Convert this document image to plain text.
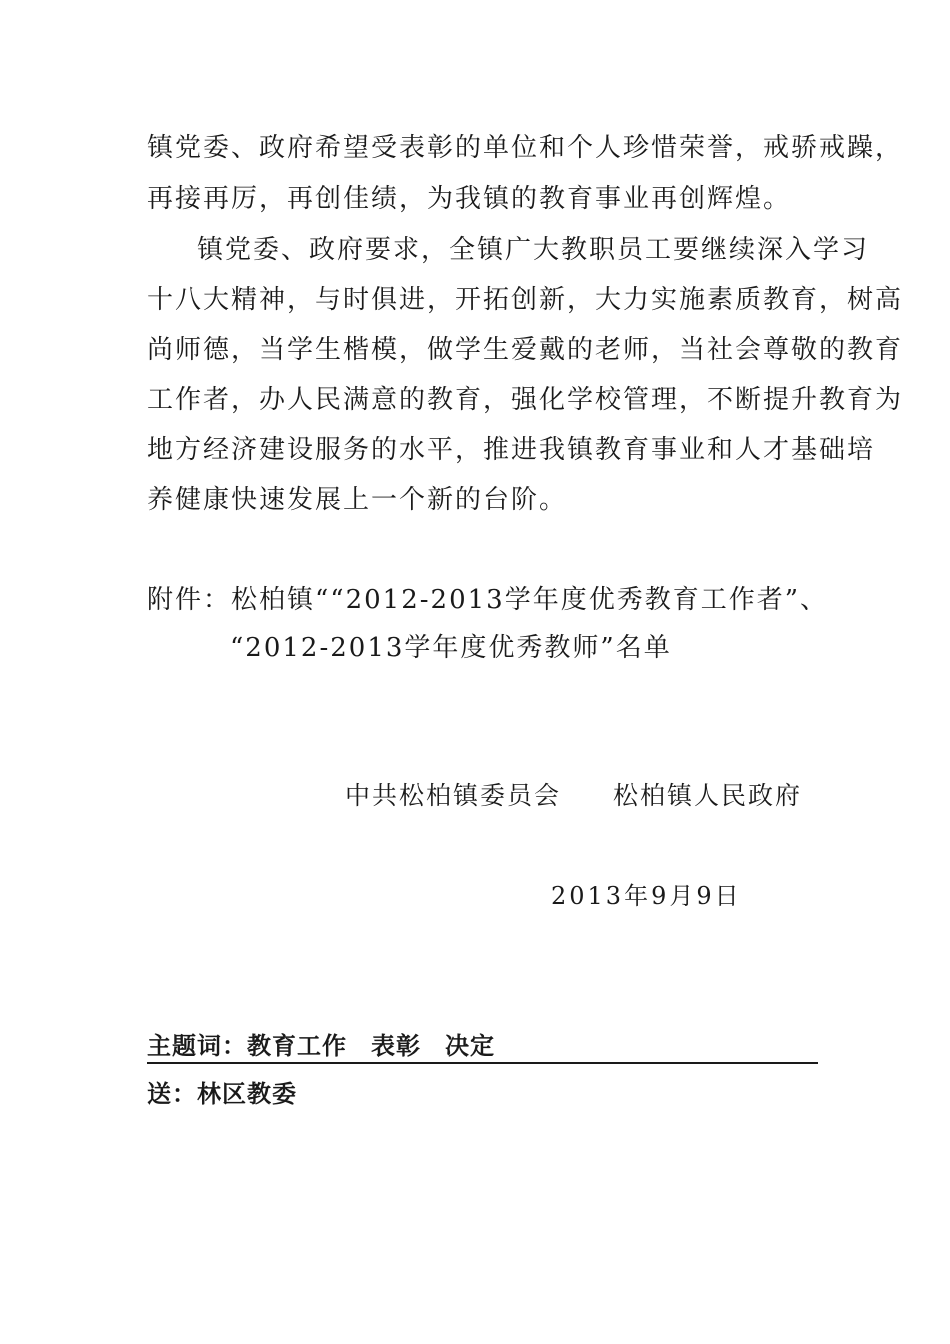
镇党委、政府希望受表彰的单位和个人珍惜荣誉，戒骄戒躁，
再接再厉，再创佳绩，为我镇的教育事业再创辉煌。
镇党委、政府要求，全镇广大教职员工要继续深入学习
十八大精神，与时俱进，开拓创新，大力实施素质教育，树高
尚师德，当学生楷模，做学生爱戴的老师，当社会尊敬的教育
工作者，办人民满意的教育，强化学校管理，不断提升教育为
地方经济建设服务的水平，推进我镇教育事业和人才基础培
养健康快速发展上一个新的台阶。
附件：松柏镇““2012-2013学年度优秀教育工作者”、
“2012-2013学年度优秀教师”名单
中共松柏镇委员会 松柏镇人民政府
2013年9月9日
主题词：教育工作 表彰 决定
送：林区教委
